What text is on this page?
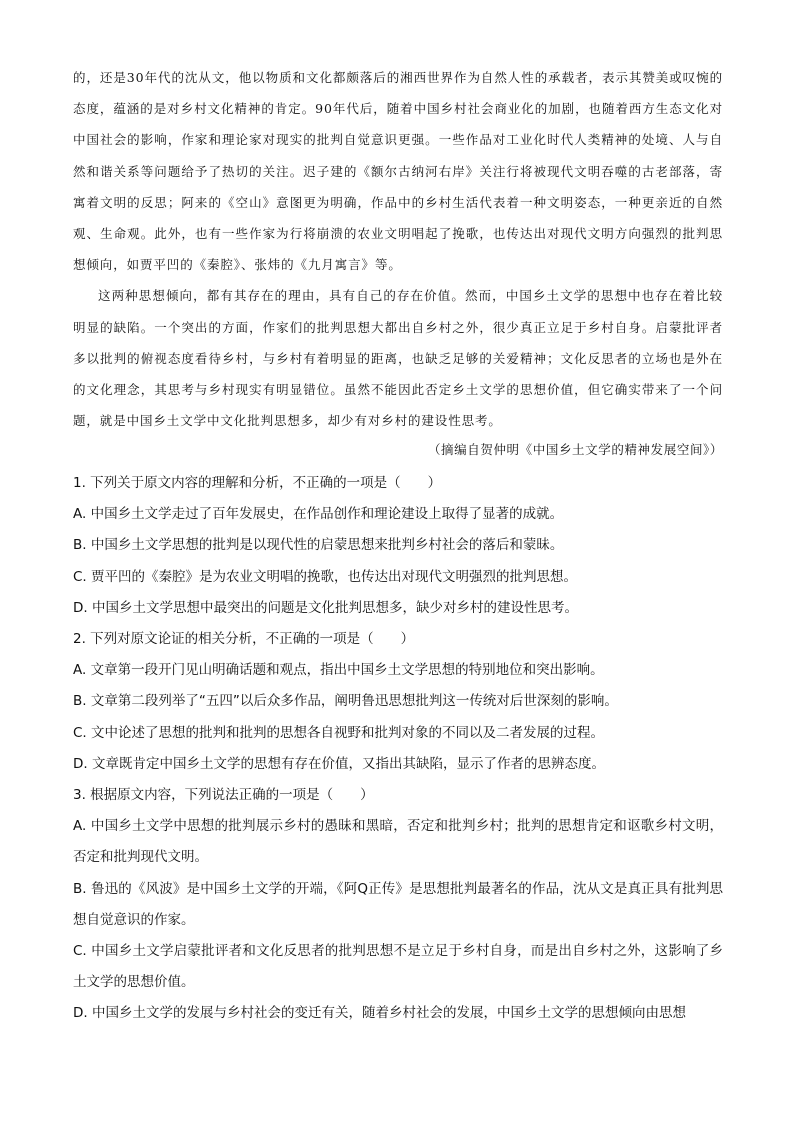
的，还是30年代的沈从文，他以物质和文化都颇落后的湘西世界作为自然人性的承载者，表示其赞美或叹惋的态度，蕴涵的是对乡村文化精神的肯定。90年代后，随着中国乡村社会商业化的加剧，也随着西方生态文化对中国社会的影响，作家和理论家对现实的批判自觉意识更强。一些作品对工业化时代人类精神的处境、人与自然和谐关系等问题给予了热切的关注。迟子建的《额尔古纳河右岸》关注行将被现代文明吞噬的古老部落，寄寓着文明的反思；阿来的《空山》意图更为明确，作品中的乡村生活代表着一种文明姿态，一种更亲近的自然观、生命观。此外，也有一些作家为行将崩溃的农业文明唱起了挽歌，也传达出对现代文明方向强烈的批判思想倾向，如贾平凹的《秦腔》、张炜的《九月寓言》等。

这两种思想倾向，都有其存在的理由，具有自己的存在价值。然而，中国乡土文学的思想中也存在着比较明显的缺陷。一个突出的方面，作家们的批判思想大都出自乡村之外，很少真正立足于乡村自身。启蒙批评者多以批判的俯视态度看待乡村，与乡村有着明显的距离，也缺乏足够的关爱精神；文化反思者的立场也是外在的文化理念，其思考与乡村现实有明显错位。虽然不能因此否定乡土文学的思想价值，但它确实带来了一个问题，就是中国乡土文学中文化批判思想多，却少有对乡村的建设性思考。

（摘编自贺仲明《中国乡土文学的精神发展空间》）

1. 下列关于原文内容的理解和分析，不正确的一项是（　　）

A. 中国乡土文学走过了百年发展史，在作品创作和理论建设上取得了显著的成就。

B. 中国乡土文学思想的批判是以现代性的启蒙思想来批判乡村社会的落后和蒙昧。

C. 贾平凹的《秦腔》是为农业文明唱的挽歌，也传达出对现代文明强烈的批判思想。

D. 中国乡土文学思想中最突出的问题是文化批判思想多，缺少对乡村的建设性思考。

2. 下列对原文论证的相关分析，不正确的一项是（　　）

A. 文章第一段开门见山明确话题和观点，指出中国乡土文学思想的特别地位和突出影响。

B. 文章第二段列举了“五四”以后众多作品，阐明鲁迅思想批判这一传统对后世深刻的影响。

C. 文中论述了思想的批判和批判的思想各自视野和批判对象的不同以及二者发展的过程。

D. 文章既肯定中国乡土文学的思想有存在价值，又指出其缺陷，显示了作者的思辨态度。

3. 根据原文内容，下列说法正确的一项是（　　）

A. 中国乡土文学中思想的批判展示乡村的愚昧和黑暗，否定和批判乡村；批判的思想肯定和讴歌乡村文明，否定和批判现代文明。

B. 鲁迅的《风波》是中国乡土文学的开端，《阿Q正传》是思想批判最著名的作品，沈从文是真正具有批判思想自觉意识的作家。

C. 中国乡土文学启蒙批评者和文化反思者的批判思想不是立足于乡村自身，而是出自乡村之外，这影响了乡土文学的思想价值。

D. 中国乡土文学的发展与乡村社会的变迁有关，随着乡村社会的发展，中国乡土文学的思想倾向由思想
